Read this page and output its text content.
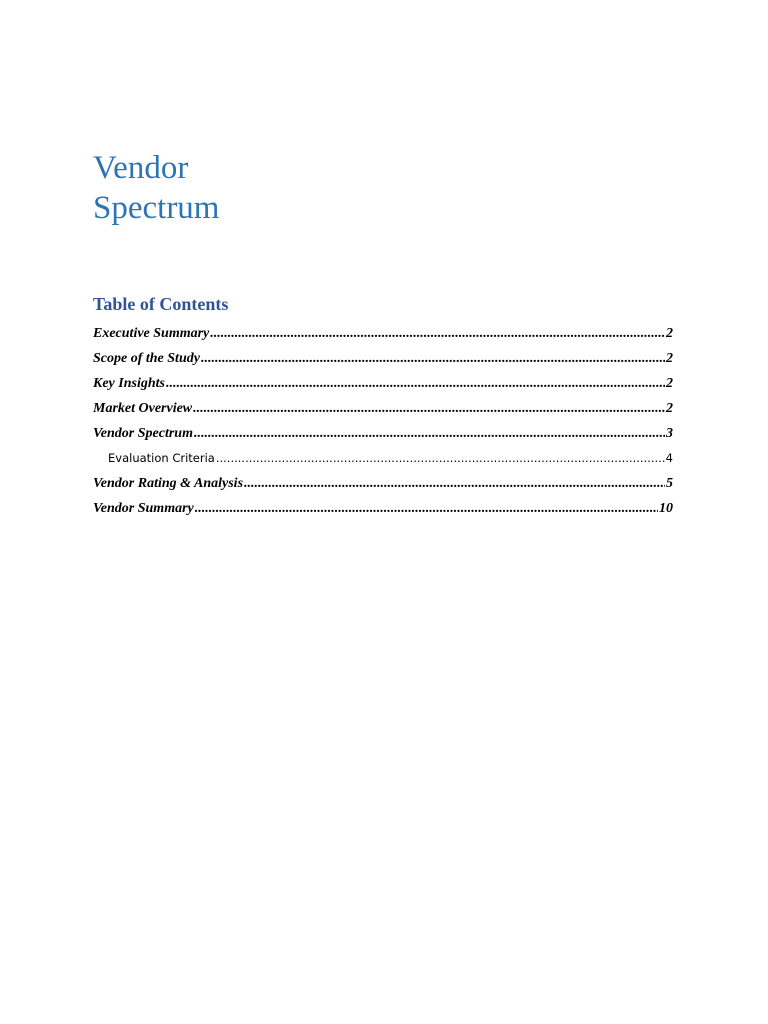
Vendor
Spectrum
Table of Contents
Executive Summary .....	2
Scope of the Study .....	2
Key Insights .....	2
Market Overview .....	2
Vendor Spectrum .....	3
Evaluation Criteria .....	4
Vendor Rating & Analysis .....	5
Vendor Summary .....	10
